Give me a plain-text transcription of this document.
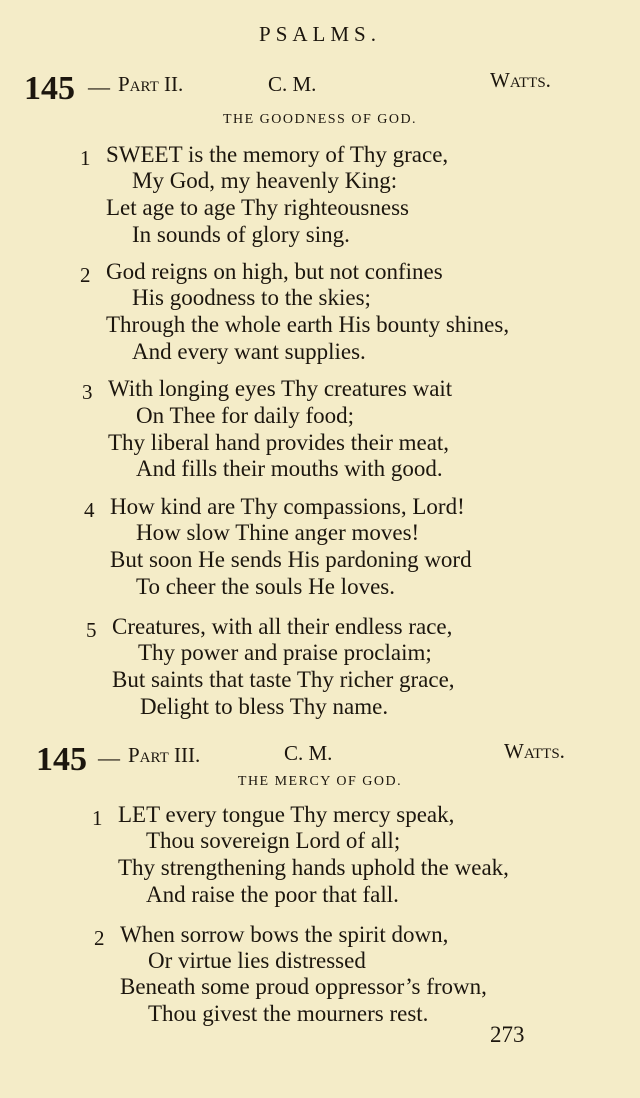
PSALMS.
145 — Part II.	C. M.	Watts.
THE GOODNESS OF GOD.
1 SWEET is the memory of Thy grace,
My God, my heavenly King:
Let age to age Thy righteousness
In sounds of glory sing.
2 God reigns on high, but not confines
His goodness to the skies;
Through the whole earth His bounty shines,
And every want supplies.
3 With longing eyes Thy creatures wait
On Thee for daily food;
Thy liberal hand provides their meat,
And fills their mouths with good.
4 How kind are Thy compassions, Lord!
How slow Thine anger moves!
But soon He sends His pardoning word
To cheer the souls He loves.
5 Creatures, with all their endless race,
Thy power and praise proclaim;
But saints that taste Thy richer grace,
Delight to bless Thy name.
145 — Part III.	C. M.	Watts.
THE MERCY OF GOD.
1 LET every tongue Thy mercy speak,
Thou sovereign Lord of all;
Thy strengthening hands uphold the weak,
And raise the poor that fall.
2 When sorrow bows the spirit down,
Or virtue lies distressed
Beneath some proud oppressor’s frown,
Thou givest the mourners rest.
273
